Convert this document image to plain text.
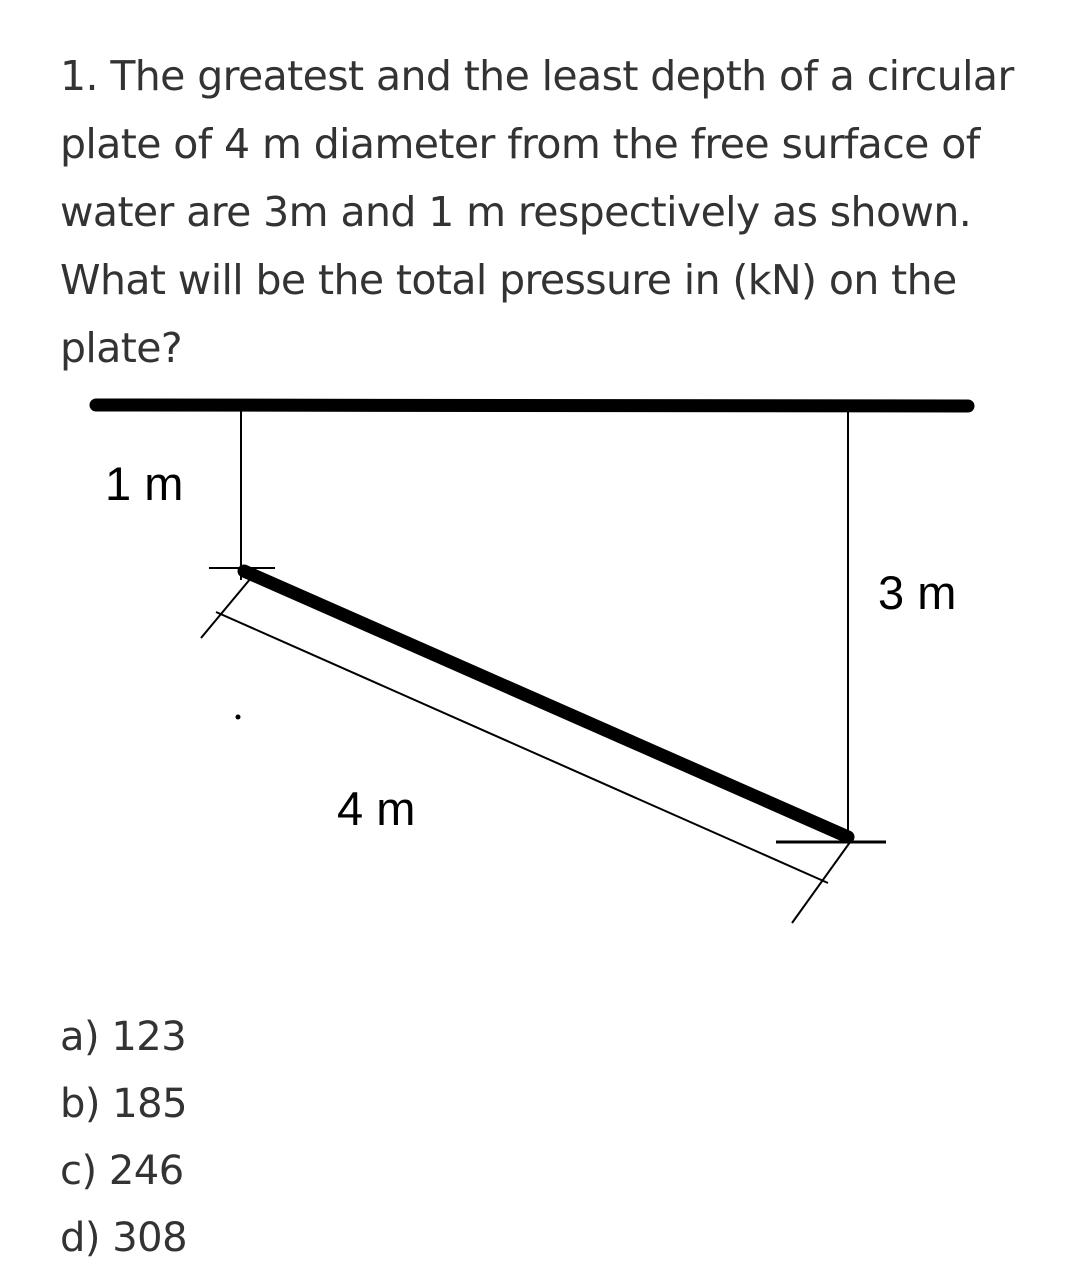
1. The greatest and the least depth of a circular plate of 4 m diameter from the free surface of water are 3m and 1 m respectively as shown. What will be the total pressure in (kN) on the plate?

1 m
3 m
4 m
a) 123
b) 185
c) 246
d) 308
